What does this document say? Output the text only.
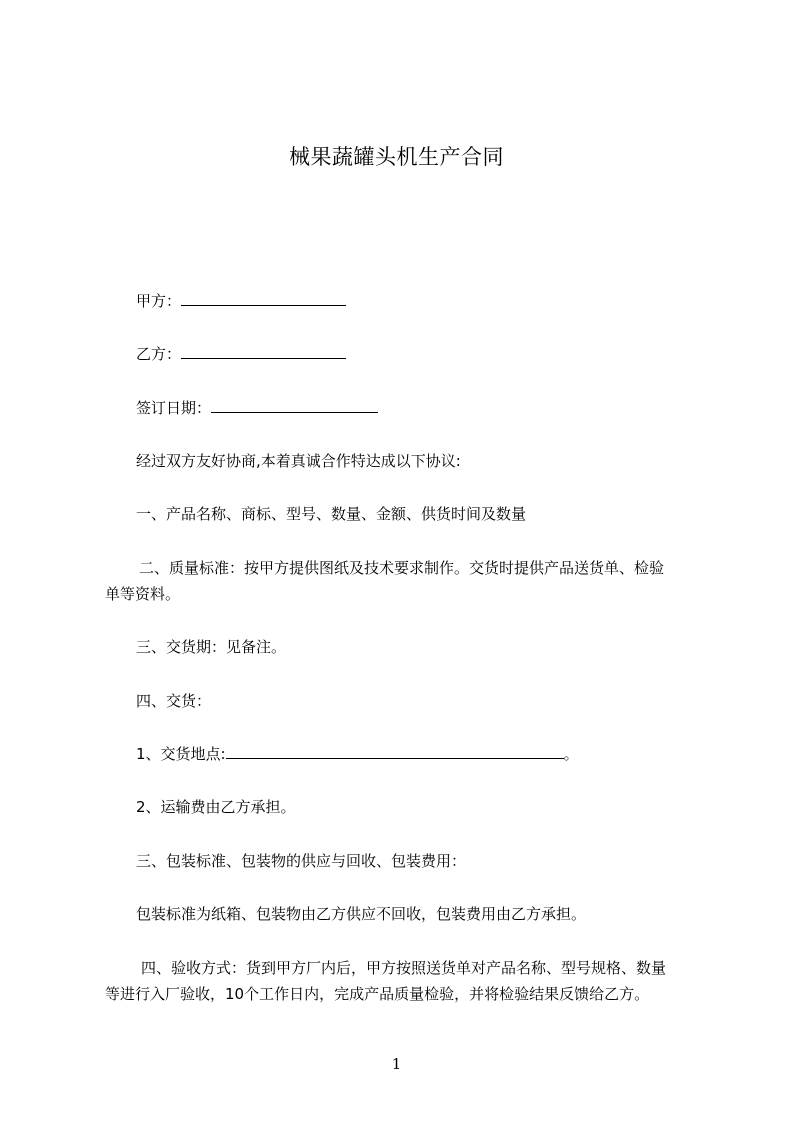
械果蔬罐头机生产合同
甲方：
乙方：
签订日期：
经过双方友好协商,本着真诚合作特达成以下协议:
一、产品名称、商标、型号、数量、金额、供货时间及数量
二、质量标准：按甲方提供图纸及技术要求制作。交货时提供产品送货单、检验
单等资料。
三、交货期：见备注。
四、交货：
1、交货地点:	。
2、运输费由乙方承担。
三、包装标准、包装物的供应与回收、包装费用：
包装标准为纸箱、包装物由乙方供应不回收，包装费用由乙方承担。
四、验收方式：货到甲方厂内后，甲方按照送货单对产品名称、型号规格、数量
等进行入厂验收，10个工作日内，完成产品质量检验，并将检验结果反馈给乙方。
1
